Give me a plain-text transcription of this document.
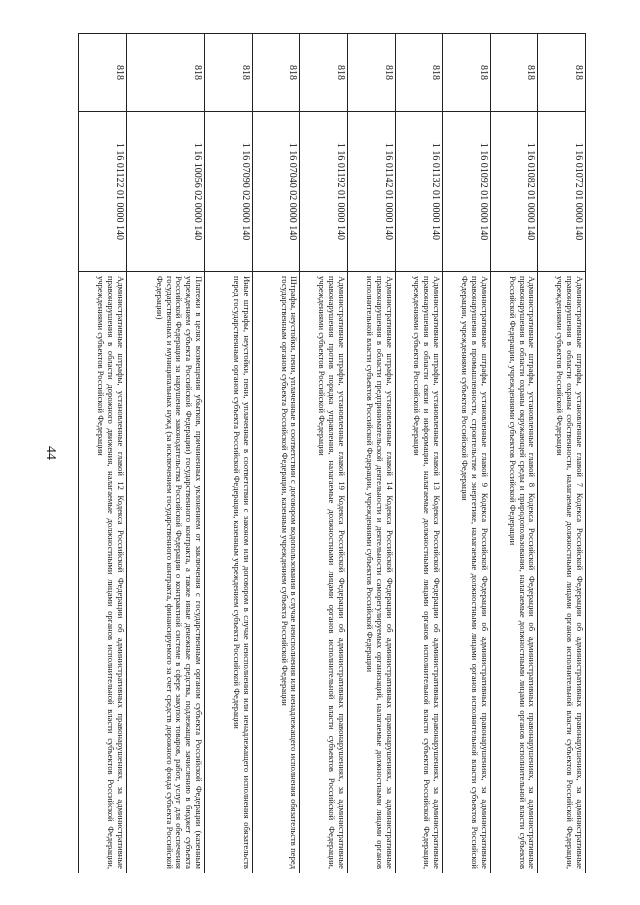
44
818	1 16 01072 01 0000 140	Административные штрафы, установленные главой 7 Кодекса Российской Федерации об административных правонарушениях, за административные правонарушения в области охраны собственности, налагаемые должностными лицами органов исполнительной власти субъектов Российской Федерации, учреждениями субъектов Российской Федерации
818	1 16 01082 01 0000 140	Административные штрафы, установленные главой 8 Кодекса Российской Федерации об административных правонарушениях, за административные правонарушения в области охраны окружающей среды и природопользования, налагаемые должностными лицами органов исполнительной власти субъектов Российской Федерации, учреждениями субъектов Российской Федерации
818	1 16 01092 01 0000 140	Административные штрафы, установленные главой 9 Кодекса Российской Федерации об административных правонарушениях, за административные правонарушения в промышленности, строительстве и энергетике, налагаемые должностными лицами органов исполнительной власти субъектов Российской Федерации, учреждениями субъектов Российской Федерации
818	1 16 01132 01 0000 140	Административные штрафы, установленные главой 13 Кодекса Российской Федерации об административных правонарушениях, за административные правонарушения в области связи и информации, налагаемые должностными лицами органов исполнительной власти субъектов Российской Федерации, учреждениями субъектов Российской Федерации
818	1 16 01142 01 0000 140	Административные штрафы, установленные главой 14 Кодекса Российской Федерации об административных правонарушениях, за административные правонарушения в области предпринимательской деятельности и деятельности саморегулируемых организаций, налагаемые должностными лицами органов исполнительной власти субъектов Российской Федерации, учреждениями субъектов Российской Федерации
818	1 16 01192 01 0000 140	Административные штрафы, установленные главой 19 Кодекса Российской Федерации об административных правонарушениях, за административные правонарушения против порядка управления, налагаемые должностными лицами органов исполнительной власти субъектов Российской Федерации, учреждениями субъектов Российской Федерации
818	1 16 07040 02 0000 140	Штрафы, неустойки, пени, уплаченные в соответствии с договором водопользования в случае неисполнения или ненадлежащего исполнения обязательств перед государственным органом субъекта Российской Федерации, казенным учреждением субъекта Российской Федерации
818	1 16 07090 02 0000 140	Иные штрафы, неустойки, пени, уплаченные в соответствии с законом или договором в случае неисполнения или ненадлежащего исполнения обязательств перед государственным органом субъекта Российской Федерации, казенным учреждением субъекта Российской Федерации
818	1 16 10056 02 0000 140	Платежи в целях возмещения убытков, причиненных уклонением от заключения с государственным органом субъекта Российской Федерации (казенным учреждением субъекта Российской Федерации) государственного контракта, а также иные денежные средства, подлежащие зачислению в бюджет субъекта Российской Федерации за нарушение законодательства Российской Федерации о контрактной системе в сфере закупок товаров, работ, услуг для обеспечения государственных и муниципальных нужд (за исключением государственного контракта, финансируемого за счет средств дорожного фонда субъекта Российской Федерации)
818	1 16 01122 01 0000 140	Административные штрафы, установленные главой 12 Кодекса Российской Федерации об административных правонарушениях, за административные правонарушения в области дорожного движения, налагаемые должностными лицами органов исполнительной власти субъектов Российской Федерации, учреждениями субъектов Российской Федерации
